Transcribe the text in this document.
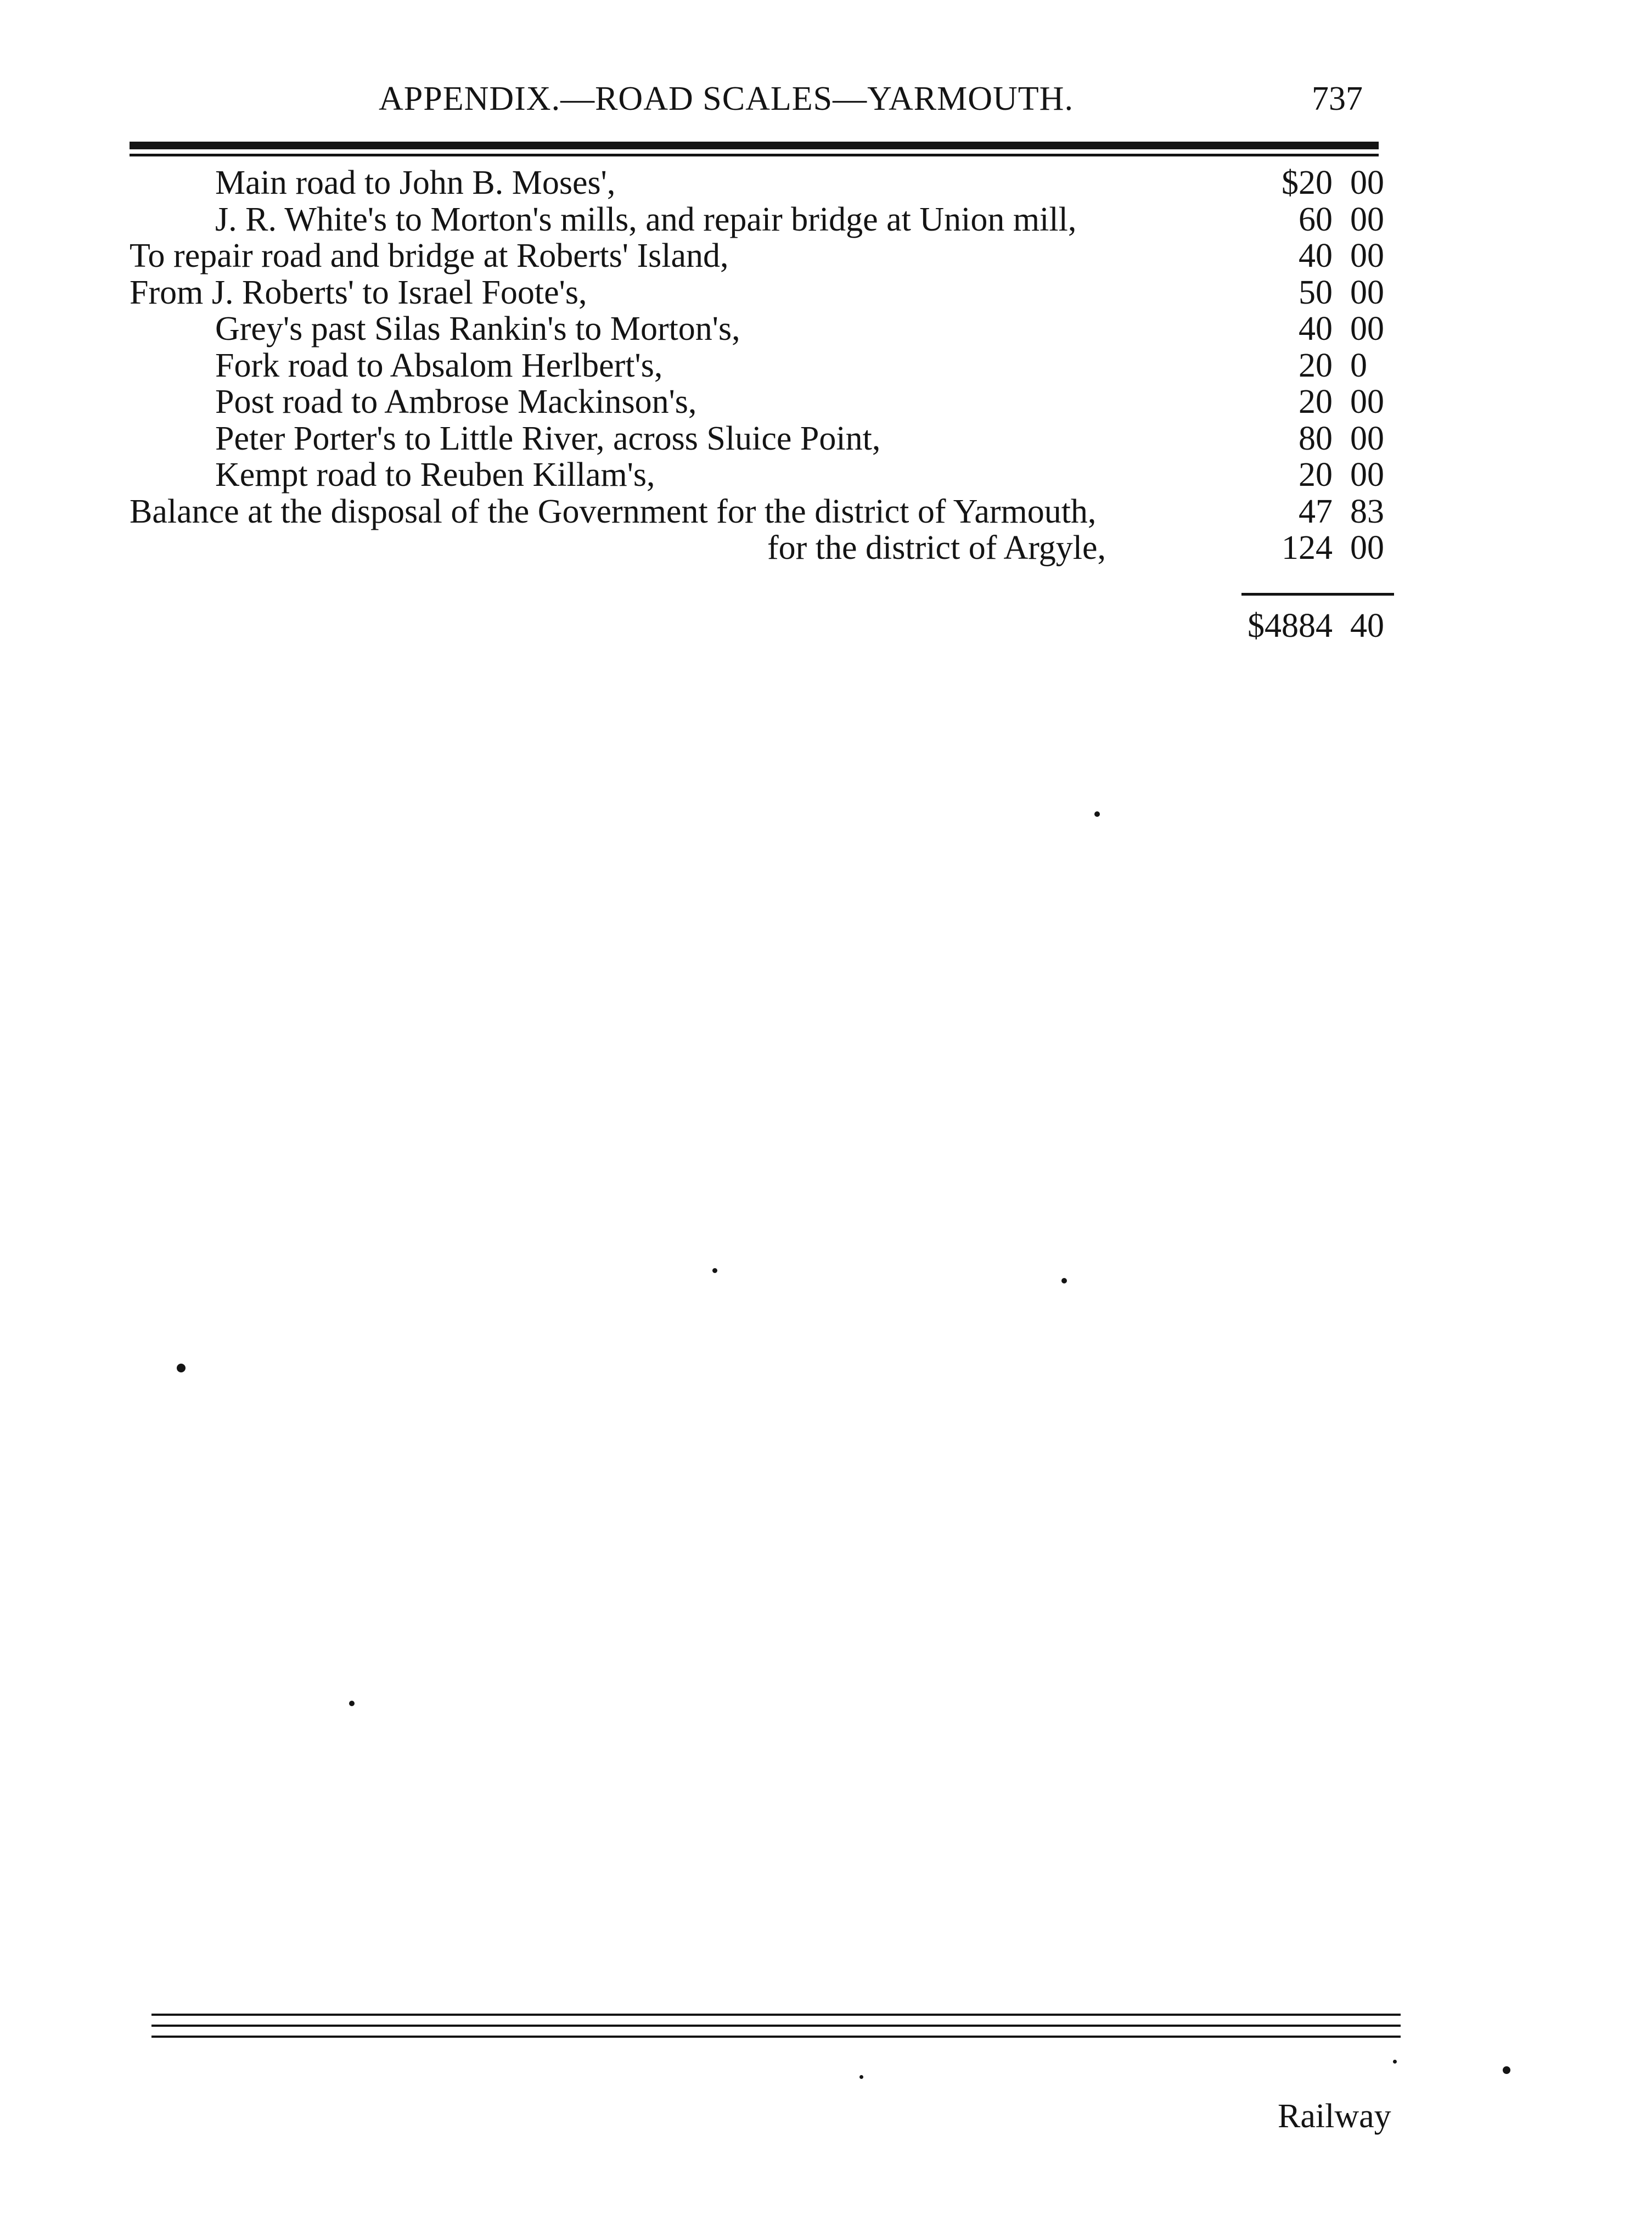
APPENDIX.—ROAD SCALES—YARMOUTH.	737
Main road to John B. Moses',	$20 00
J. R. White's to Morton's mills, and repair bridge at Union mill,	60 00
To repair road and bridge at Roberts' Island,	40 00
From J. Roberts' to Israel Foote's,	50 00
Grey's past Silas Rankin's to Morton's,	40 00
Fork road to Absalom Herlbert's,	20 0
Post road to Ambrose Mackinson's,	20 00
Peter Porter's to Little River, across Sluice Point,	80 00
Kempt road to Reuben Killam's,	20 00
Balance at the disposal of the Government for the district of Yarmouth,	47 83
for the district of Argyle,	124 00
$4884 40
Railway
